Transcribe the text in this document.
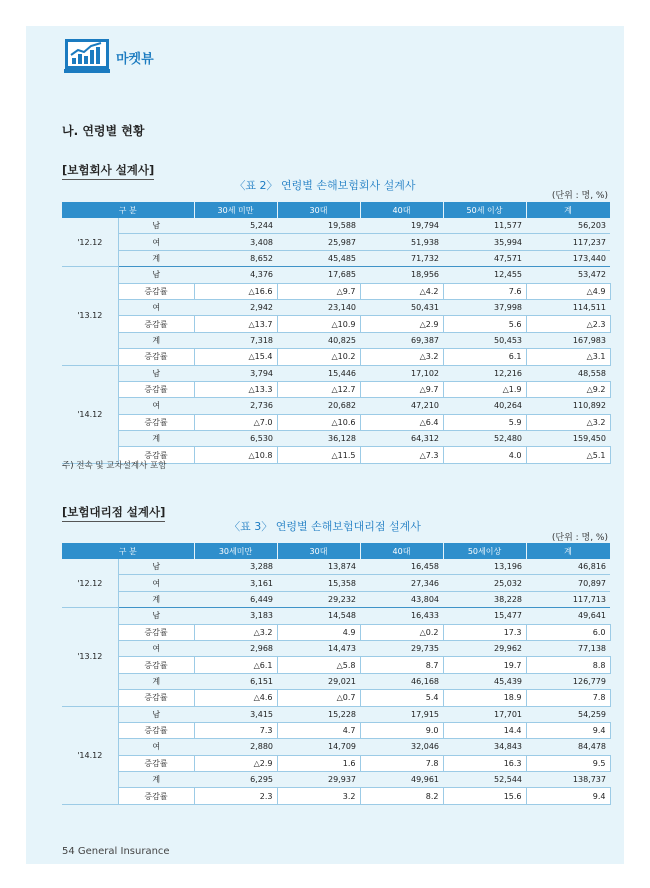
마켓뷰
나. 연령별 현황
[보험회사 설계사]
〈표 2〉 연령별 손해보험회사 설계사
(단위 : 명, %)
구 분		30세 미만	30대	40대	50세 이상	계
'12.12	남	5,244	19,588	19,794	11,577	56,203
	여	3,408	25,987	51,938	35,994	117,237
	계	8,652	45,485	71,732	47,571	173,440
'13.12	남	4,376	17,685	18,956	12,455	53,472
	증감률	△16.6	△9.7	△4.2	7.6	△4.9
	여	2,942	23,140	50,431	37,998	114,511
	증감률	△13.7	△10.9	△2.9	5.6	△2.3
	계	7,318	40,825	69,387	50,453	167,983
	증감률	△15.4	△10.2	△3.2	6.1	△3.1
'14.12	남	3,794	15,446	17,102	12,216	48,558
	증감률	△13.3	△12.7	△9.7	△1.9	△9.2
	여	2,736	20,682	47,210	40,264	110,892
	증감률	△7.0	△10.6	△6.4	5.9	△3.2
	계	6,530	36,128	64,312	52,480	159,450
	증감률	△10.8	△11.5	△7.3	4.0	△5.1
주) 전속 및 교차설계사 포함
[보험대리점 설계사]
〈표 3〉 연령별 손해보험대리점 설계사
(단위 : 명, %)
구 분		30세미만	30대	40대	50세이상	계
'12.12	남	3,288	13,874	16,458	13,196	46,816
	여	3,161	15,358	27,346	25,032	70,897
	계	6,449	29,232	43,804	38,228	117,713
'13.12	남	3,183	14,548	16,433	15,477	49,641
	증감률	△3.2	4.9	△0.2	17.3	6.0
	여	2,968	14,473	29,735	29,962	77,138
	증감률	△6.1	△5.8	8.7	19.7	8.8
	계	6,151	29,021	46,168	45,439	126,779
	증감률	△4.6	△0.7	5.4	18.9	7.8
'14.12	남	3,415	15,228	17,915	17,701	54,259
	증감률	7.3	4.7	9.0	14.4	9.4
	여	2,880	14,709	32,046	34,843	84,478
	증감률	△2.9	1.6	7.8	16.3	9.5
	계	6,295	29,937	49,961	52,544	138,737
	증감률	2.3	3.2	8.2	15.6	9.4
54 General Insurance
